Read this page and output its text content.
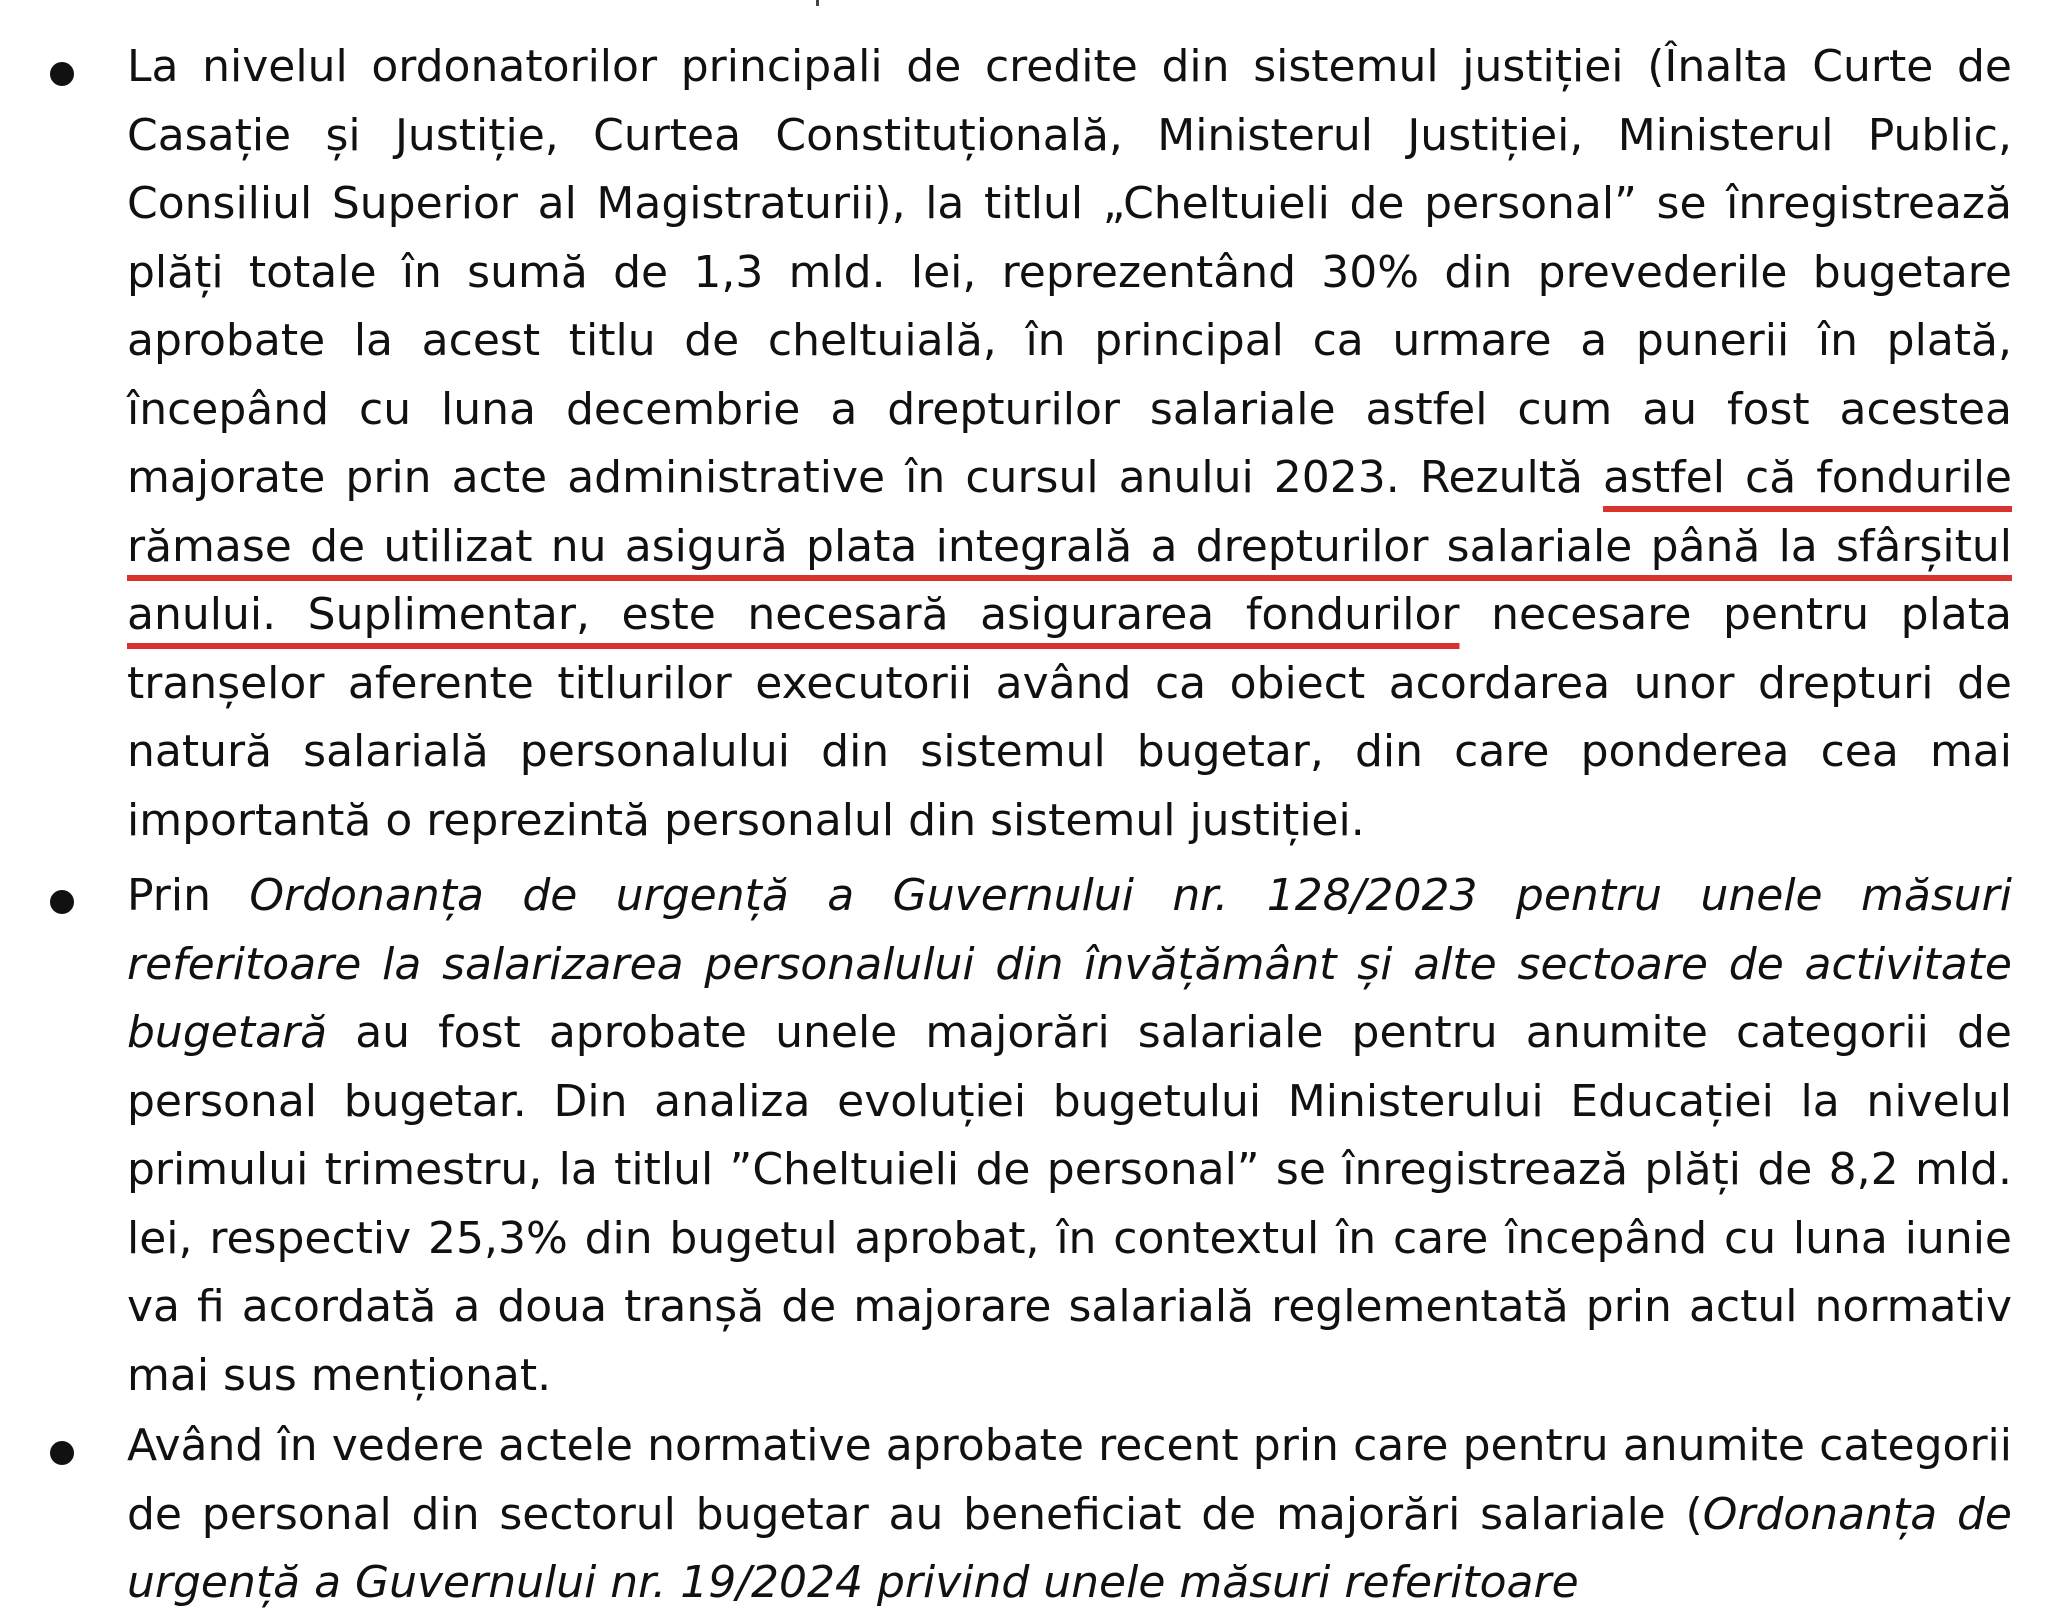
La nivelul ordonatorilor principali de credite din sistemul justiției (Înalta Curte de Casație și Justiție, Curtea Constituțională, Ministerul Justiției, Ministerul Public, Consiliul Superior al Magistraturii), la titlul „Cheltuieli de personal” se înregistrează plăți totale în sumă de 1,3 mld. lei, reprezentând 30% din prevederile bugetare aprobate la acest titlu de cheltuială, în principal ca urmare a punerii în plată, începând cu luna decembrie a drepturilor salariale astfel cum au fost acestea majorate prin acte administrative în cursul anului 2023. Rezultă astfel că fondurile rămase de utilizat nu asigură plata integrală a drepturilor salariale până la sfârșitul anului. Suplimentar, este necesară asigurarea fondurilor necesare pentru plata tranșelor aferente titlurilor executorii având ca obiect acordarea unor drepturi de natură salarială personalului din sistemul bugetar, din care ponderea cea mai importantă o reprezintă personalul din sistemul justiției.

Prin Ordonanța de urgență a Guvernului nr. 128/2023 pentru unele măsuri referitoare la salarizarea personalului din învățământ și alte sectoare de activitate bugetară au fost aprobate unele majorări salariale pentru anumite categorii de personal bugetar. Din analiza evoluției bugetului Ministerului Educației la nivelul primului trimestru, la titlul ”Cheltuieli de personal” se înregistrează plăți de 8,2 mld. lei, respectiv 25,3% din bugetul aprobat, în contextul în care începând cu luna iunie va fi acordată a doua tranșă de majorare salarială reglementată prin actul normativ mai sus menționat.

Având în vedere actele normative aprobate recent prin care pentru anumite categorii de personal din sectorul bugetar au beneficiat de majorări salariale (Ordonanța de urgență a Guvernului nr. 19/2024 privind unele măsuri referitoare
